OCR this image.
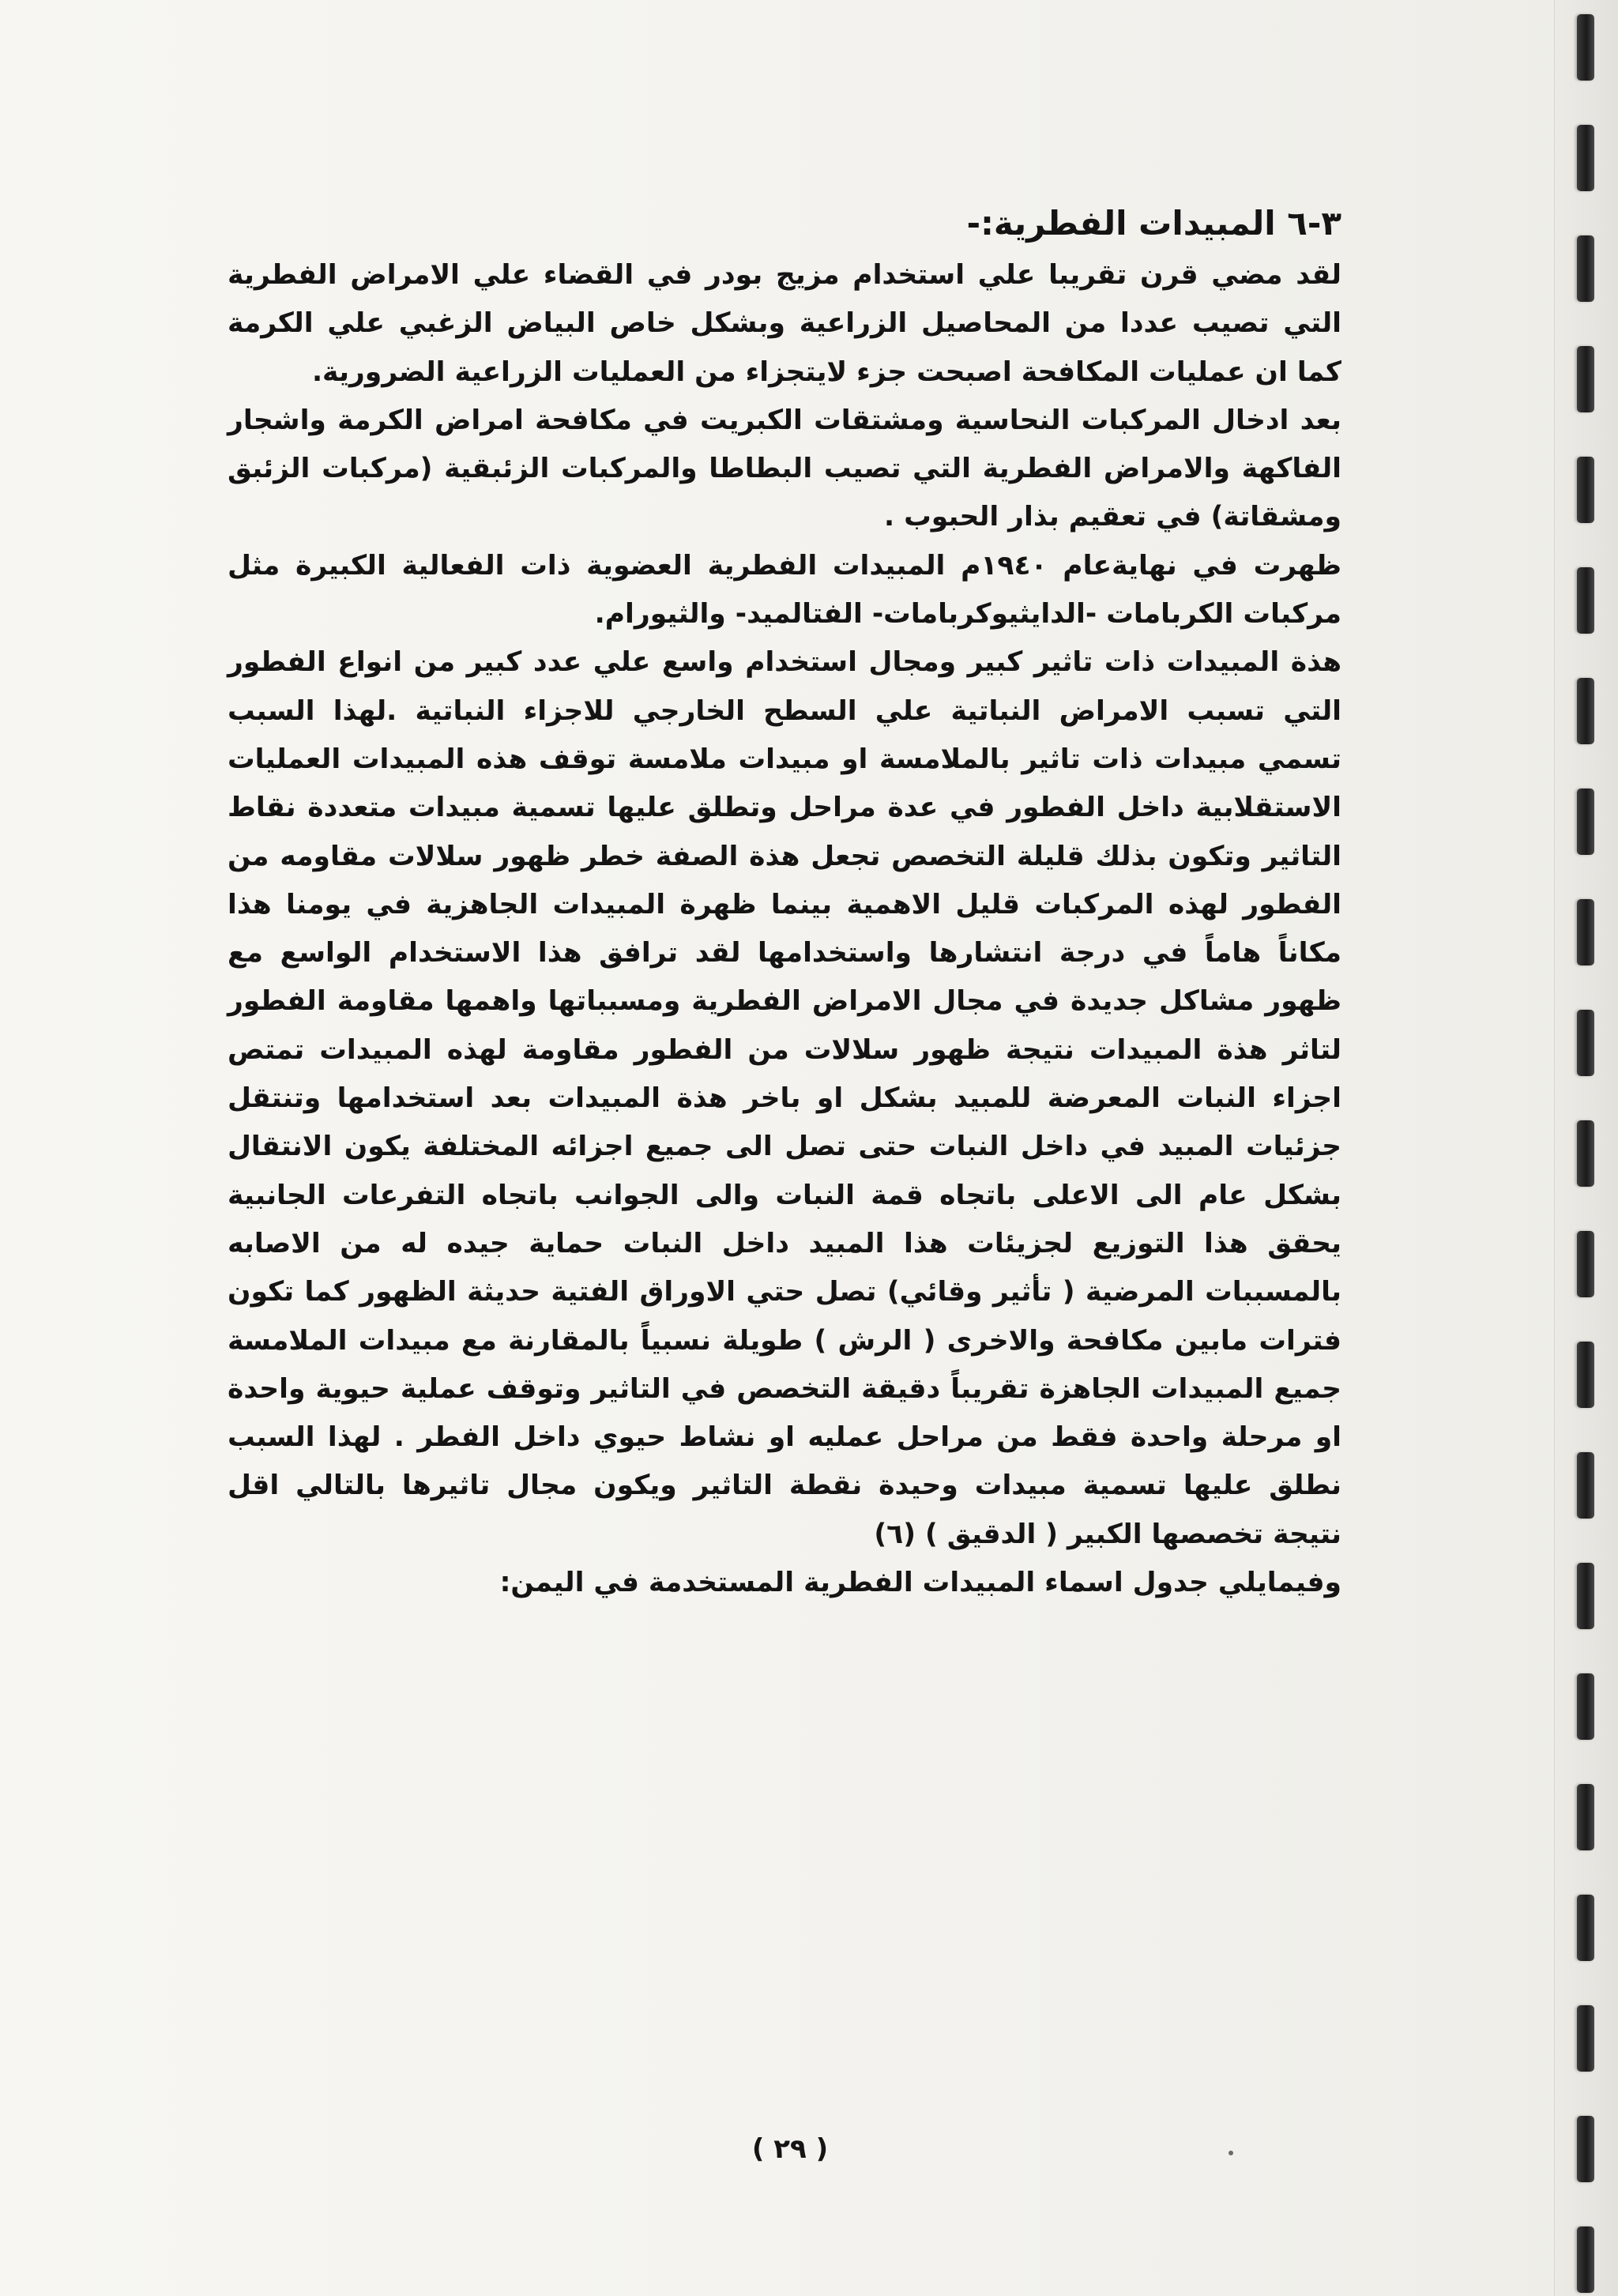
٣-٦ المبيدات الفطرية:-

لقد مضي قرن تقريبا علي استخدام مزيج بودر في القضاء علي الامراض الفطرية التي تصيب عددا من المحاصيل الزراعية وبشكل خاص البياض الزغبي علي الكرمة كما ان عمليات المكافحة اصبحت جزء لايتجزاء من العمليات الزراعية الضرورية.

بعد ادخال المركبات النحاسية ومشتقات الكبريت في مكافحة امراض الكرمة واشجار الفاكهة والامراض الفطرية التي تصيب البطاطا والمركبات الزئبقية (مركبات الزئبق ومشقاتة) في تعقيم بذار الحبوب .

ظهرت في نهايةعام ١٩٤٠م المبيدات الفطرية العضوية ذات الفعالية الكبيرة مثل مركبات الكربامات -الدايثيوكربامات- الفتالميد- والثيورام.

هذة المبيدات ذات تاثير كبير ومجال استخدام واسع علي عدد كبير من انواع الفطور التي تسبب الامراض النباتية علي السطح الخارجي للاجزاء النباتية .لهذا السبب تسمي مبيدات ذات تاثير بالملامسة او مبيدات ملامسة توقف هذه المبيدات العمليات الاستقلابية داخل الفطور في عدة مراحل وتطلق عليها تسمية مبيدات متعددة نقاط التاثير وتكون بذلك قليلة التخصص تجعل هذة الصفة خطر ظهور سلالات مقاومه من الفطور لهذه المركبات قليل الاهمية بينما ظهرة المبيدات الجاهزية في يومنا هذا مكاناً هاماً في درجة انتشارها واستخدامها لقد ترافق هذا الاستخدام الواسع مع ظهور مشاكل جديدة في مجال الامراض الفطرية ومسبباتها واهمها مقاومة الفطور لتاثر هذة المبيدات نتيجة ظهور سلالات من الفطور مقاومة لهذه المبيدات تمتص اجزاء النبات المعرضة للمبيد بشكل او باخر هذة المبيدات بعد استخدامها وتنتقل جزئيات المبيد في داخل النبات حتى تصل الى جميع اجزائه المختلفة يكون الانتقال بشكل عام الى الاعلى باتجاه قمة النبات والى الجوانب باتجاه التفرعات الجانبية يحقق هذا التوزيع لجزيئات هذا المبيد داخل النبات حماية جيده له من الاصابه بالمسببات المرضية ( تأثير وقائي) تصل حتي الاوراق الفتية حديثة الظهور كما تكون فترات مابين مكافحة والاخرى ( الرش ) طويلة نسبياً بالمقارنة مع مبيدات الملامسة جميع المبيدات الجاهزة تقريباً دقيقة التخصص في التاثير وتوقف عملية حيوية واحدة او مرحلة واحدة فقط من مراحل عمليه او نشاط حيوي داخل الفطر . لهذا السبب نطلق عليها تسمية مبيدات وحيدة نقطة التاثير ويكون مجال تاثيرها بالتالي اقل نتيجة تخصصها الكبير ( الدقيق ) (٦)

وفيمايلي جدول اسماء المبيدات الفطرية المستخدمة في اليمن:

( ٢٩ )
